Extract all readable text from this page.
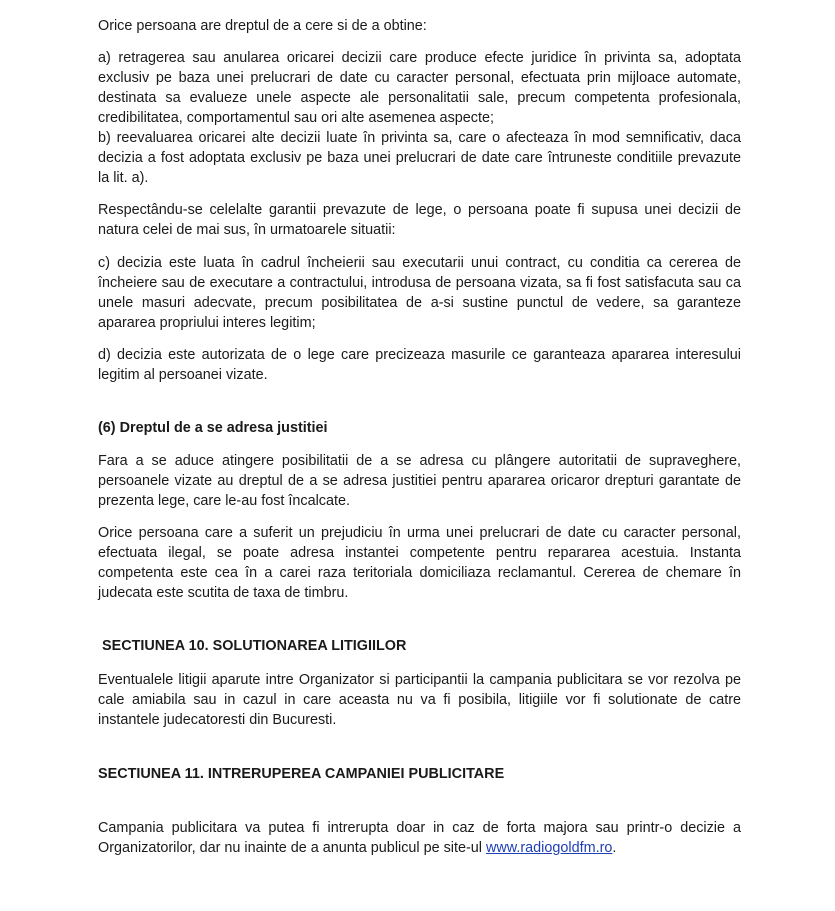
Orice persoana are dreptul de a cere si de a obtine:

a) retragerea sau anularea oricarei decizii care produce efecte juridice în privinta sa, adoptata exclusiv pe baza unei prelucrari de date cu caracter personal, efectuata prin mijloace automate, destinata sa evalueze unele aspecte ale personalitatii sale, precum competenta profesionala, credibilitatea, comportamentul sau ori alte asemenea aspecte;

b) reevaluarea oricarei alte decizii luate în privinta sa, care o afecteaza în mod semnificativ, daca decizia a fost adoptata exclusiv pe baza unei prelucrari de date care întruneste conditiile prevazute la lit. a).

Respectându-se celelalte garantii prevazute de lege, o persoana poate fi supusa unei decizii de natura celei de mai sus, în urmatoarele situatii:

c) decizia este luata în cadrul încheierii sau executarii unui contract, cu conditia ca cererea de încheiere sau de executare a contractului, introdusa de persoana vizata, sa fi fost satisfacuta sau ca unele masuri adecvate, precum posibilitatea de a-si sustine punctul de vedere, sa garanteze apararea propriului interes legitim;

d) decizia este autorizata de o lege care precizeaza masurile ce garanteaza apararea interesului legitim al persoanei vizate.

(6) Dreptul de a se adresa justitiei

Fara a se aduce atingere posibilitatii de a se adresa cu plângere autoritatii de supraveghere, persoanele vizate au dreptul de a se adresa justitiei pentru apararea oricaror drepturi garantate de prezenta lege, care le-au fost încalcate.

Orice persoana care a suferit un prejudiciu în urma unei prelucrari de date cu caracter personal, efectuata ilegal, se poate adresa instantei competente pentru repararea acestuia. Instanta competenta este cea în a carei raza teritoriala domiciliaza reclamantul. Cererea de chemare în judecata este scutita de taxa de timbru.

SECTIUNEA 10. SOLUTIONAREA LITIGIILOR

Eventualele litigii aparute intre Organizator si participantii la campania publicitara se vor rezolva pe cale amiabila sau in cazul in care aceasta nu va fi posibila, litigiile vor fi solutionate de catre instantele judecatoresti din Bucuresti.

SECTIUNEA 11. INTRERUPEREA CAMPANIEI PUBLICITARE

Campania publicitara va putea fi intrerupta doar in caz de forta majora sau printr-o decizie a Organizatorilor, dar nu inainte de a anunta publicul pe site-ul www.radiogoldfm.ro.
